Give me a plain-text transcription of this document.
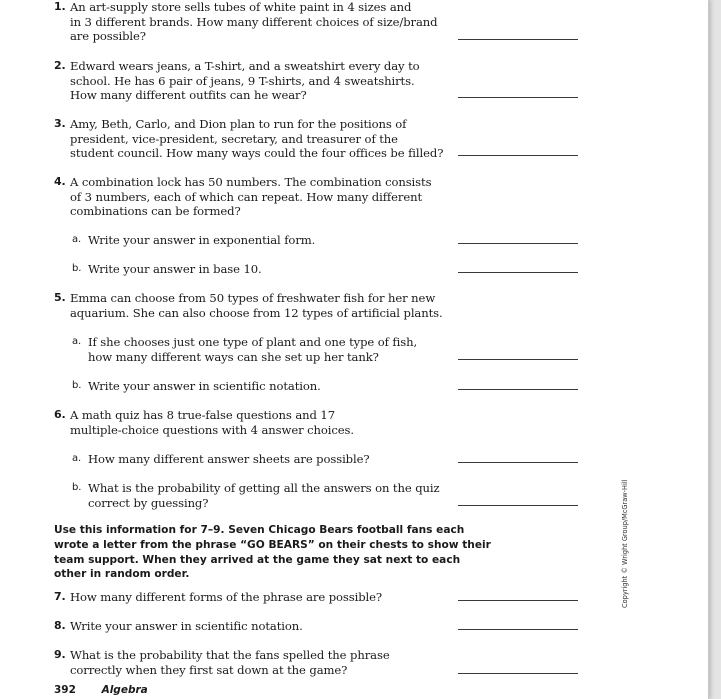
1. An art-supply store sells tubes of white paint in 4 sizes and
in 3 different brands. How many different choices of size/brand
are possible?
2. Edward wears jeans, a T-shirt, and a sweatshirt every day to
school. He has 6 pair of jeans, 9 T-shirts, and 4 sweatshirts.
How many different outfits can he wear?
3. Amy, Beth, Carlo, and Dion plan to run for the positions of
president, vice-president, secretary, and treasurer of the
student council. How many ways could the four offices be filled?
4. A combination lock has 50 numbers. The combination consists
of 3 numbers, each of which can repeat. How many different
combinations can be formed?
a. Write your answer in exponential form.
b. Write your answer in base 10.
5. Emma can choose from 50 types of freshwater fish for her new
aquarium. She can also choose from 12 types of artificial plants.
a. If she chooses just one type of plant and one type of fish,
how many different ways can she set up her tank?
b. Write your answer in scientific notation.
6. A math quiz has 8 true-false questions and 17
multiple-choice questions with 4 answer choices.
a. How many different answer sheets are possible?
b. What is the probability of getting all the answers on the quiz
correct by guessing?
Use this information for 7–9. Seven Chicago Bears football fans each
wrote a letter from the phrase “GO BEARS” on their chests to show their
team support. When they arrived at the game they sat next to each
other in random order.
7. How many different forms of the phrase are possible?
8. Write your answer in scientific notation.
9. What is the probability that the fans spelled the phrase
correctly when they first sat down at the game?
392 Algebra
Copyright © Wright Group/McGraw-Hill
